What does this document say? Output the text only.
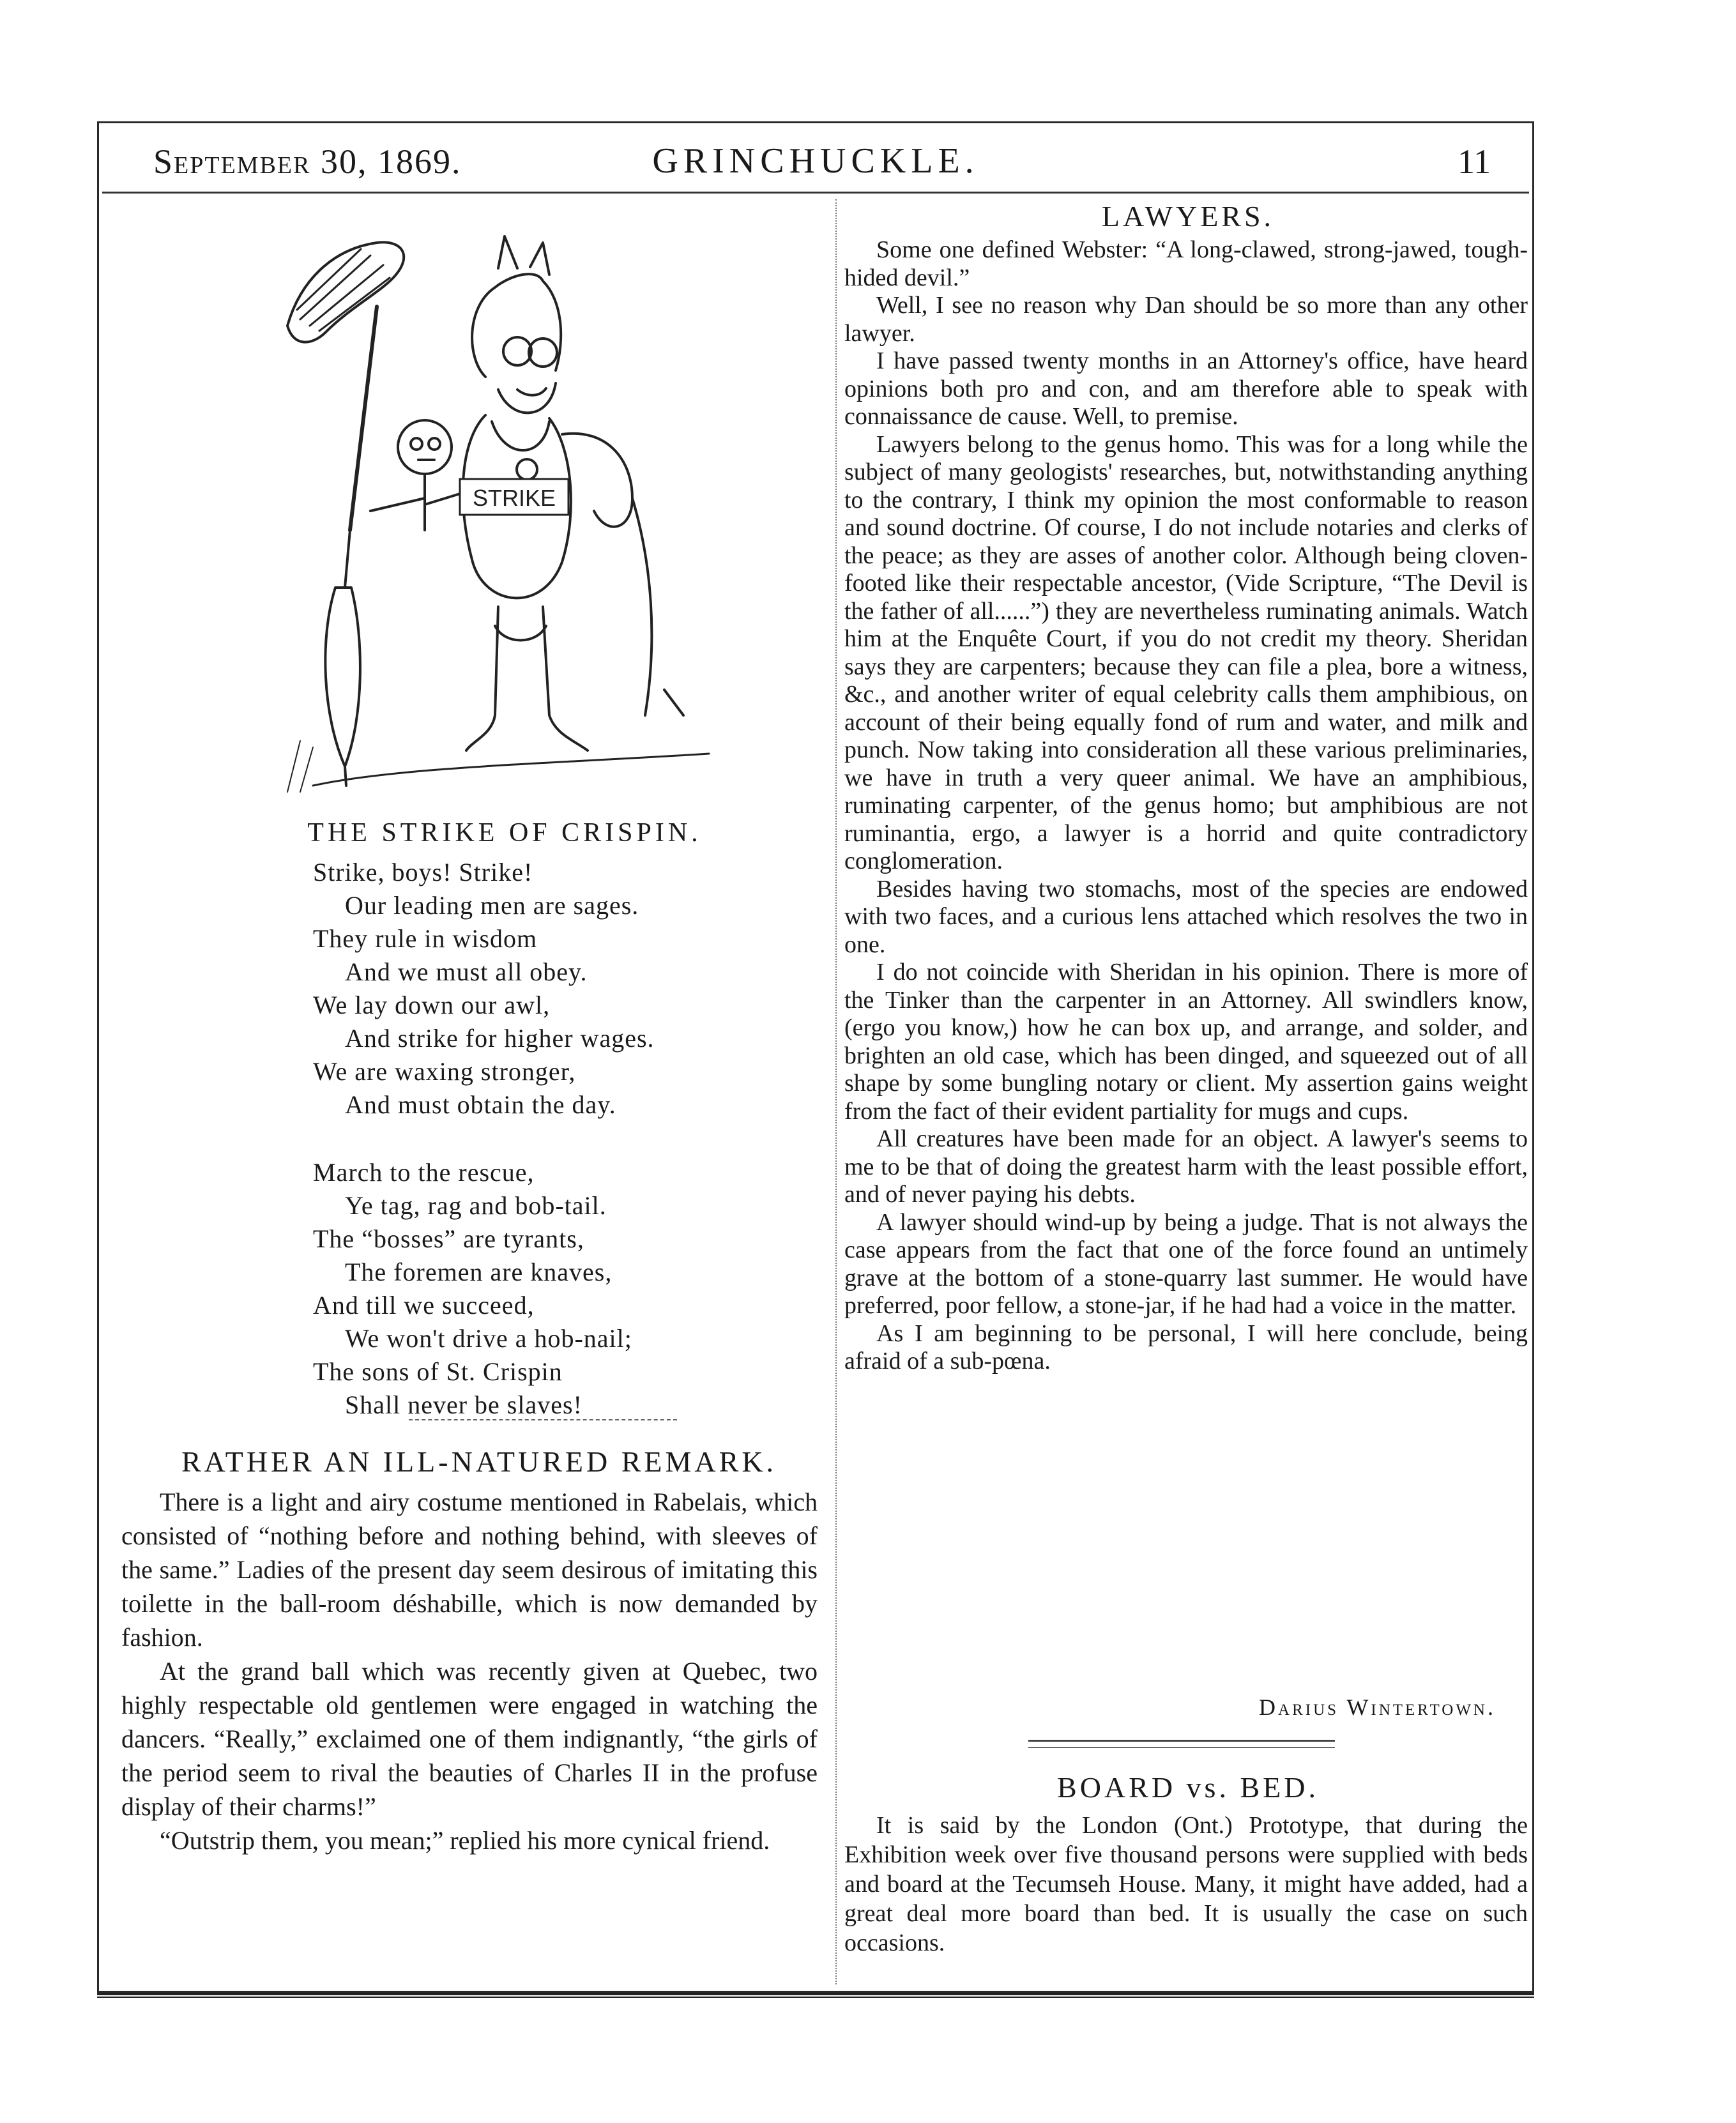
September 30, 1869.	GRINCHUCKLE.	11
STRIKE
THE STRIKE OF CRISPIN.
Strike, boys! Strike!
Our leading men are sages.
They rule in wisdom
And we must all obey.
We lay down our awl,
And strike for higher wages.
We are waxing stronger,
And must obtain the day.
March to the rescue,
Ye tag, rag and bob-tail.
The “bosses” are tyrants,
The foremen are knaves,
And till we succeed,
We won't drive a hob-nail;
The sons of St. Crispin
Shall never be slaves!
RATHER AN ILL-NATURED REMARK.

There is a light and airy costume mentioned in Rabelais, which consisted of “nothing before and nothing behind, with sleeves of the same.” Ladies of the present day seem desirous of imitating this toilette in the ball-room déshabille, which is now demanded by fashion.

At the grand ball which was recently given at Quebec, two highly respectable old gentlemen were engaged in watching the dancers. “Really,” exclaimed one of them indignantly, “the girls of the period seem to rival the beauties of Charles II in the profuse display of their charms!”

“Outstrip them, you mean;” replied his more cynical friend.

LAWYERS.

Some one defined Webster: “A long-clawed, strong-jawed, tough-hided devil.”

Well, I see no reason why Dan should be so more than any other lawyer.

I have passed twenty months in an Attorney's office, have heard opinions both pro and con, and am therefore able to speak with connaissance de cause. Well, to premise.

Lawyers belong to the genus homo. This was for a long while the subject of many geologists' researches, but, notwithstanding anything to the contrary, I think my opinion the most conformable to reason and sound doctrine. Of course, I do not include notaries and clerks of the peace; as they are asses of another color. Although being cloven-footed like their respectable ancestor, (Vide Scripture, “The Devil is the father of all......”) they are nevertheless ruminating animals. Watch him at the Enquête Court, if you do not credit my theory. Sheridan says they are carpenters; because they can file a plea, bore a witness, &c., and another writer of equal celebrity calls them amphibious, on account of their being equally fond of rum and water, and milk and punch. Now taking into consideration all these various preliminaries, we have in truth a very queer animal. We have an amphibious, ruminating carpenter, of the genus homo; but amphibious are not ruminantia, ergo, a lawyer is a horrid and quite contradictory conglomeration.

Besides having two stomachs, most of the species are endowed with two faces, and a curious lens attached which resolves the two in one.

I do not coincide with Sheridan in his opinion. There is more of the Tinker than the carpenter in an Attorney. All swindlers know, (ergo you know,) how he can box up, and arrange, and solder, and brighten an old case, which has been dinged, and squeezed out of all shape by some bungling notary or client. My assertion gains weight from the fact of their evident partiality for mugs and cups.

All creatures have been made for an object. A lawyer's seems to me to be that of doing the greatest harm with the least possible effort, and of never paying his debts.

A lawyer should wind-up by being a judge. That is not always the case appears from the fact that one of the force found an untimely grave at the bottom of a stone-quarry last summer. He would have preferred, poor fellow, a stone-jar, if he had had a voice in the matter.

As I am beginning to be personal, I will here conclude, being afraid of a sub-pœna.

Darius Wintertown.
BOARD vs. BED.

It is said by the London (Ont.) Prototype, that during the Exhibition week over five thousand persons were supplied with beds and board at the Tecumseh House. Many, it might have added, had a great deal more board than bed. It is usually the case on such occasions.
